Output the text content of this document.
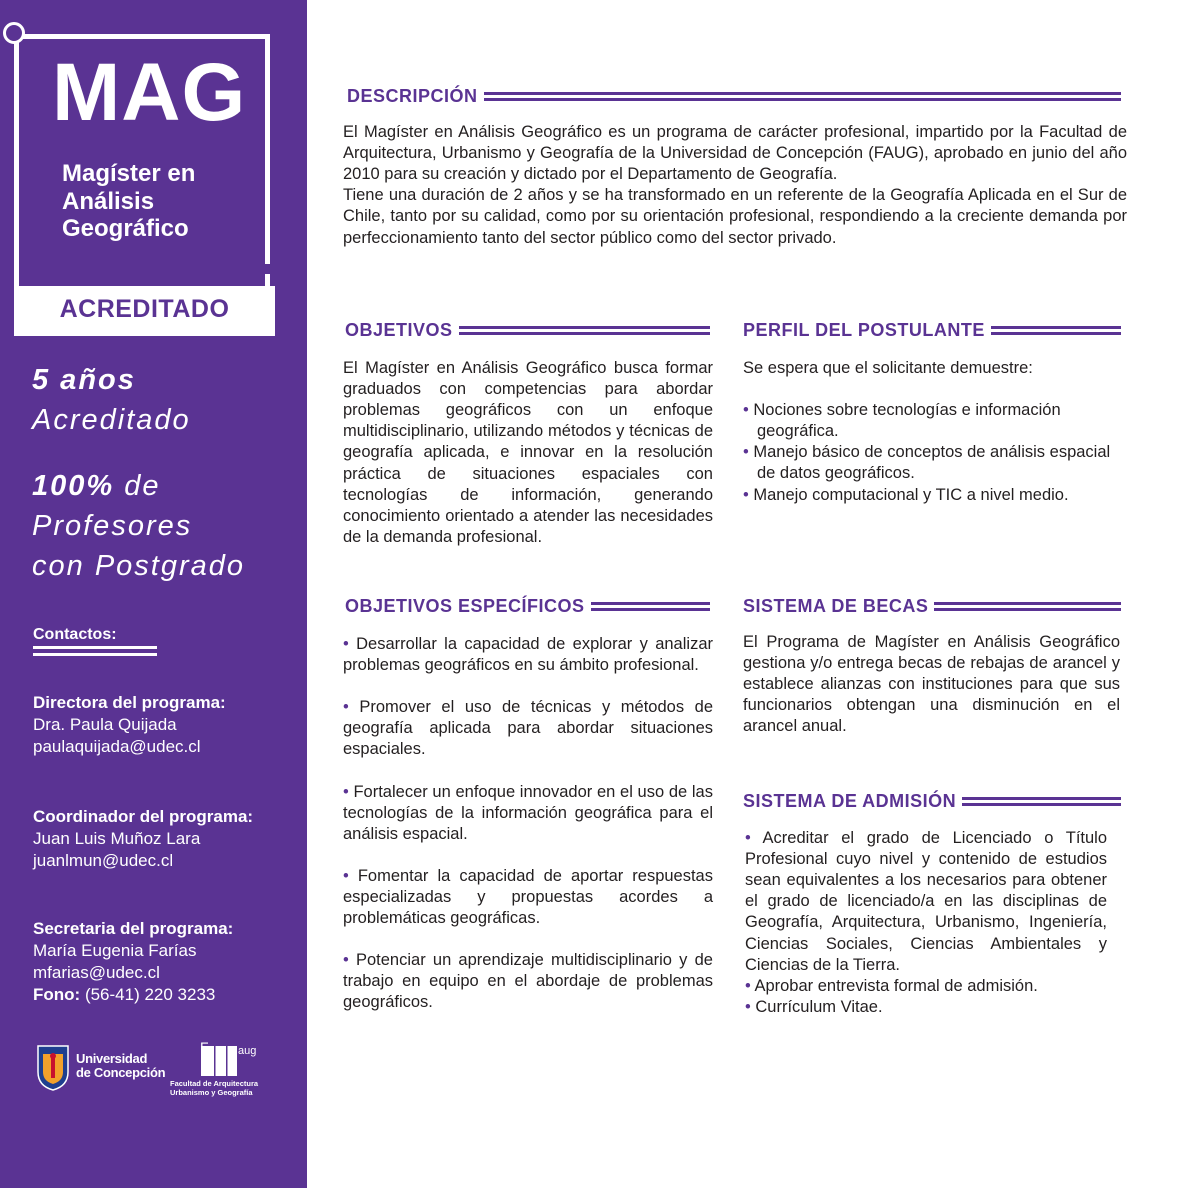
MAG
Magíster en Análisis Geográfico
ACREDITADO
5 años
Acreditado
100% de
Profesores
con Postgrado
Contactos:
Directora del programa:
Dra. Paula Quijada
paulaquijada@udec.cl
Coordinador del programa:
Juan Luis Muñoz Lara
juanlmun@udec.cl
Secretaria del programa:
María Eugenia Farías
mfarias@udec.cl
Fono: (56-41) 220 3233
Universidad
de Concepción
F	aug
Facultad de Arquitectura
Urbanismo y Geografía
DESCRIPCIÓN

El Magíster en Análisis Geográfico es un programa de carácter profesional, impartido por la Facultad de Arquitectura, Urbanismo y Geografía de la Universidad de Concepción (FAUG), aprobado en junio del año 2010 para su creación y dictado por el Departamento de Geografía.

Tiene una duración de 2 años y se ha transformado en un referente de la Geografía Aplicada en el Sur de Chile, tanto por su calidad, como por su orientación profesional, respondiendo a la creciente demanda por perfeccionamiento tanto del sector público como del sector privado.

OBJETIVOS

El Magíster en Análisis Geográfico busca formar graduados con competencias para abordar problemas geográficos con un enfoque multidisciplinario, utilizando métodos y técnicas de geografía aplicada, e innovar en la resolución práctica de situaciones espaciales con tecnologías de información, generando conocimiento orientado a atender las necesidades de la demanda profesional.

PERFIL DEL POSTULANTE

Se espera que el solicitante demuestre:

• Nociones sobre tecnologías e información geográfica.

• Manejo básico de conceptos de análisis espacial de datos geográficos.

• Manejo computacional y TIC a nivel medio.

OBJETIVOS ESPECÍFICOS

• Desarrollar la capacidad de explorar y analizar problemas geográficos en su ámbito profesional.

• Promover el uso de técnicas y métodos de geografía aplicada para abordar situaciones espaciales.

• Fortalecer un enfoque innovador en el uso de las tecnologías de la información geográfica para el análisis espacial.

• Fomentar la capacidad de aportar respuestas especializadas y propuestas acordes a problemáticas geográficas.

• Potenciar un aprendizaje multidisciplinario y de trabajo en equipo en el abordaje de problemas geográficos.

SISTEMA DE BECAS

El Programa de Magíster en Análisis Geográfico gestiona y/o entrega becas de rebajas de arancel y establece alianzas con instituciones para que sus funcionarios obtengan una disminución en el arancel anual.

SISTEMA DE ADMISIÓN

• Acreditar el grado de Licenciado o Título Profesional cuyo nivel y contenido de estudios sean equivalentes a los necesarios para obtener el grado de licenciado/a en las disciplinas de Geografía, Arquitectura, Urbanismo, Ingeniería, Ciencias Sociales, Ciencias Ambientales y Ciencias de la Tierra.

• Aprobar entrevista formal de admisión.

• Currículum Vitae.
